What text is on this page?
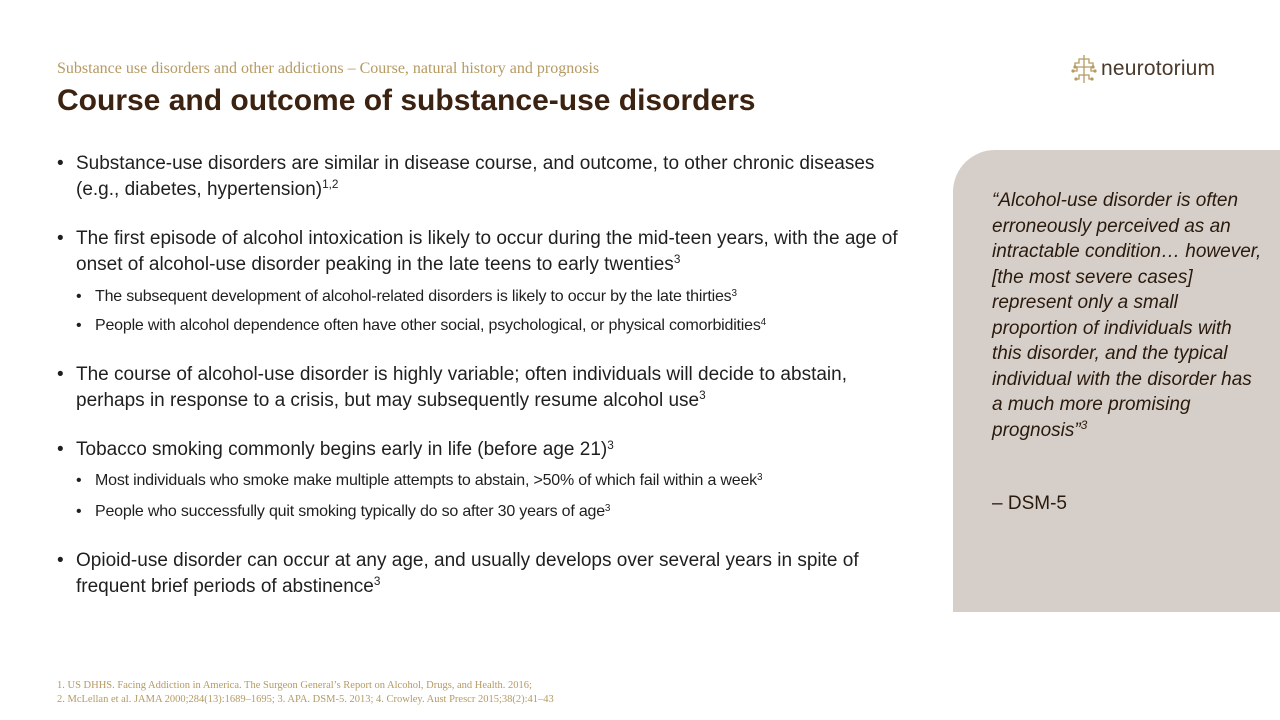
Substance use disorders and other addictions – Course, natural history and prognosis
Course and outcome of substance-use disorders
neurotorium
• Substance-use disorders are similar in disease course, and outcome, to other chronic diseases (e.g., diabetes, hypertension)$^{1,2}$
• The first episode of alcohol intoxication is likely to occur during the mid-teen years, with the age of onset of alcohol-use disorder peaking in the late teens to early twenties$^3$
• The subsequent development of alcohol-related disorders is likely to occur by the late thirties$^3$
• People with alcohol dependence often have other social, psychological, or physical comorbidities$^4$
• The course of alcohol-use disorder is highly variable; often individuals will decide to abstain, perhaps in response to a crisis, but may subsequently resume alcohol use$^3$
• Tobacco smoking commonly begins early in life (before age 21)$^3$
• Most individuals who smoke make multiple attempts to abstain, >50% of which fail within a week$^3$
• People who successfully quit smoking typically do so after 30 years of age$^3$
• Opioid-use disorder can occur at any age, and usually develops over several years in spite of frequent brief periods of abstinence$^3$
“Alcohol-use disorder is often erroneously perceived as an intractable condition… however, [the most severe cases] represent only a small proportion of individuals with this disorder, and the typical individual with the disorder has a much more promising prognosis”$^3$
– DSM-5
1. US DHHS. Facing Addiction in America. The Surgeon General’s Report on Alcohol, Drugs, and Health. 2016;
2. McLellan et al. JAMA 2000;284(13):1689–1695; 3. APA. DSM-5. 2013; 4. Crowley. Aust Prescr 2015;38(2):41–43
